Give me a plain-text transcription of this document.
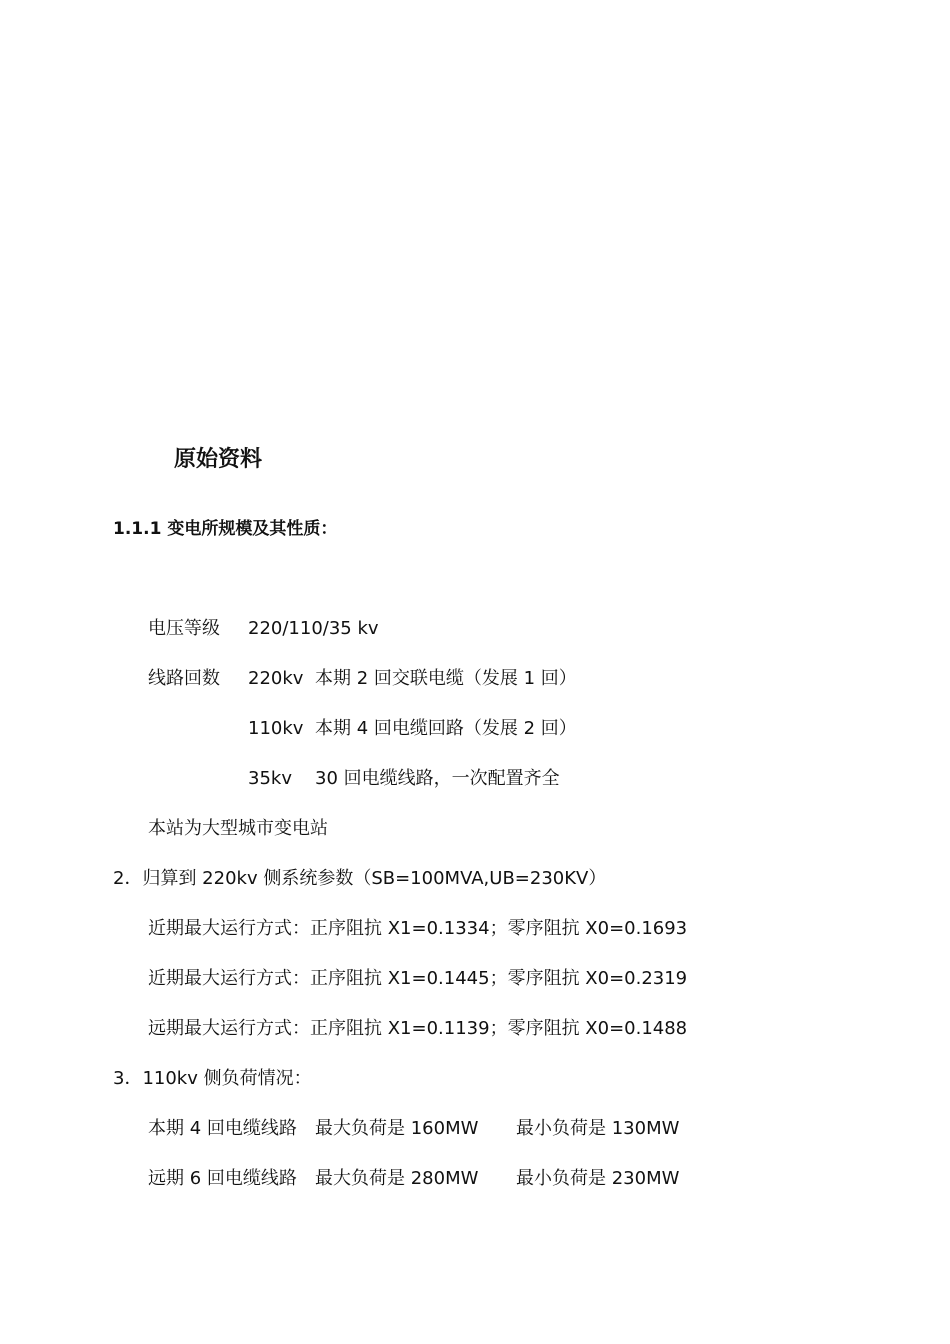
原始资料
1.1.1 变电所规模及其性质：
电压等级 220/110/35 kv
线路回数 220kv 本期 2 回交联电缆（发展 1 回）
110kv 本期 4 回电缆回路（发展 2 回）
35kv 30 回电缆线路，一次配置齐全
本站为大型城市变电站
2．归算到 220kv 侧系统参数（SB=100MVA,UB=230KV）
近期最大运行方式：正序阻抗 X1=0.1334；零序阻抗 X0=0.1693
近期最大运行方式：正序阻抗 X1=0.1445；零序阻抗 X0=0.2319
远期最大运行方式：正序阻抗 X1=0.1139；零序阻抗 X0=0.1488
3．110kv 侧负荷情况：
本期 4 回电缆线路 最大负荷是 160MW 最小负荷是 130MW
远期 6 回电缆线路 最大负荷是 280MW 最小负荷是 230MW
